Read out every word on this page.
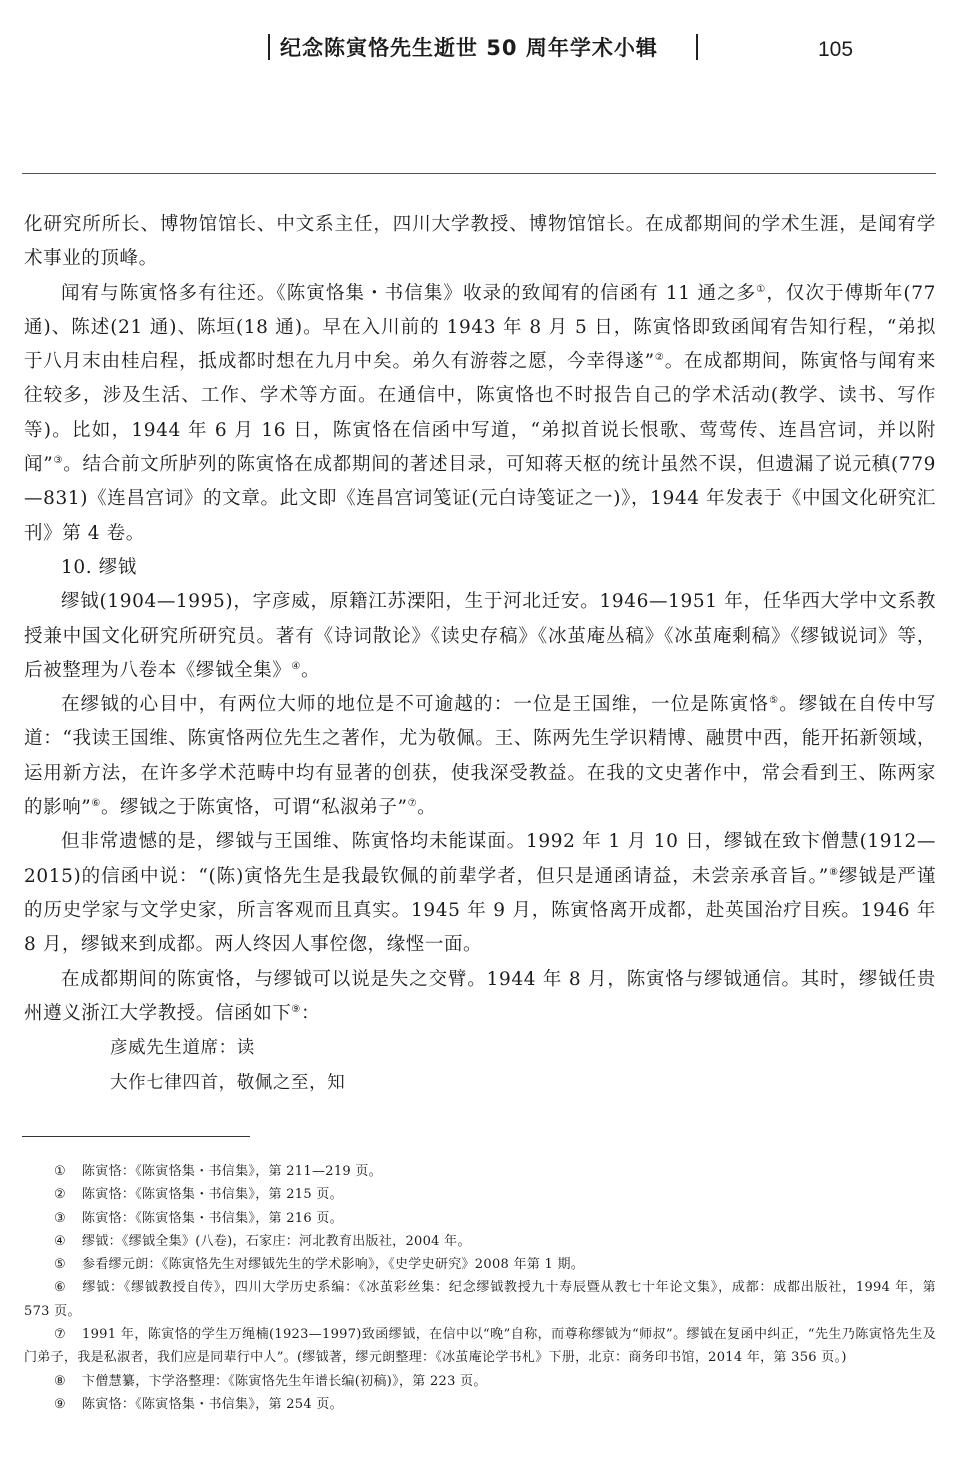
纪念陈寅恪先生逝世 50 周年学术小辑	105

化研究所所长、博物馆馆长、中文系主任，四川大学教授、博物馆馆长。在成都期间的学术生涯，是闻宥学术事业的顶峰。

闻宥与陈寅恪多有往还。《陈寅恪集・书信集》收录的致闻宥的信函有 11 通之多①，仅次于傅斯年(77 通)、陈述(21 通)、陈垣(18 通)。早在入川前的 1943 年 8 月 5 日，陈寅恪即致函闻宥告知行程，“弟拟于八月末由桂启程，抵成都时想在九月中矣。弟久有游蓉之愿，今幸得遂”②。在成都期间，陈寅恪与闻宥来往较多，涉及生活、工作、学术等方面。在通信中，陈寅恪也不时报告自己的学术活动(教学、读书、写作等)。比如，1944 年 6 月 16 日，陈寅恪在信函中写道，“弟拟首说长恨歌、莺莺传、连昌宫词，并以附闻”③。结合前文所胪列的陈寅恪在成都期间的著述目录，可知蒋天枢的统计虽然不误，但遗漏了说元稹(779—831)《连昌宫词》的文章。此文即《连昌宫词笺证(元白诗笺证之一)》，1944 年发表于《中国文化研究汇刊》第 4 卷。

10. 缪钺

缪钺(1904—1995)，字彦威，原籍江苏溧阳，生于河北迁安。1946—1951 年，任华西大学中文系教授兼中国文化研究所研究员。著有《诗词散论》《读史存稿》《冰茧庵丛稿》《冰茧庵剩稿》《缪钺说词》等，后被整理为八卷本《缪钺全集》④。

在缪钺的心目中，有两位大师的地位是不可逾越的：一位是王国维，一位是陈寅恪⑤。缪钺在自传中写道：“我读王国维、陈寅恪两位先生之著作，尤为敬佩。王、陈两先生学识精博、融贯中西，能开拓新领域，运用新方法，在许多学术范畴中均有显著的创获，使我深受教益。在我的文史著作中，常会看到王、陈两家的影响”⑥。缪钺之于陈寅恪，可谓“私淑弟子”⑦。

但非常遗憾的是，缪钺与王国维、陈寅恪均未能谋面。1992 年 1 月 10 日，缪钺在致卞僧慧(1912—2015)的信函中说：“(陈)寅恪先生是我最钦佩的前辈学者，但只是通函请益，未尝亲承音旨。”⑧缪钺是严谨的历史学家与文学史家，所言客观而且真实。1945 年 9 月，陈寅恪离开成都，赴英国治疗目疾。1946 年 8 月，缪钺来到成都。两人终因人事倥偬，缘悭一面。

在成都期间的陈寅恪，与缪钺可以说是失之交臂。1944 年 8 月，陈寅恪与缪钺通信。其时，缪钺任贵州遵义浙江大学教授。信函如下⑨：

彦威先生道席：读

大作七律四首，敬佩之至，知

① 陈寅恪：《陈寅恪集・书信集》，第 211—219 页。

② 陈寅恪：《陈寅恪集・书信集》，第 215 页。

③ 陈寅恪：《陈寅恪集・书信集》，第 216 页。

④ 缪钺：《缪钺全集》(八卷)，石家庄：河北教育出版社，2004 年。

⑤ 参看缪元朗：《陈寅恪先生对缪钺先生的学术影响》，《史学史研究》2008 年第 1 期。

⑥ 缪钺：《缪钺教授自传》，四川大学历史系编：《冰茧彩丝集：纪念缪钺教授九十寿辰暨从教七十年论文集》，成都：成都出版社，1994 年，第 573 页。

⑦ 1991 年，陈寅恪的学生万绳楠(1923—1997)致函缪钺，在信中以“晚”自称，而尊称缪钺为“师叔”。缪钺在复函中纠正，“先生乃陈寅恪先生及门弟子，我是私淑者，我们应是同辈行中人”。(缪钺著，缪元朗整理：《冰茧庵论学书札》下册，北京：商务印书馆，2014 年，第 356 页。)

⑧ 卞僧慧纂，卞学洛整理：《陈寅恪先生年谱长编(初稿)》，第 223 页。

⑨ 陈寅恪：《陈寅恪集・书信集》，第 254 页。
